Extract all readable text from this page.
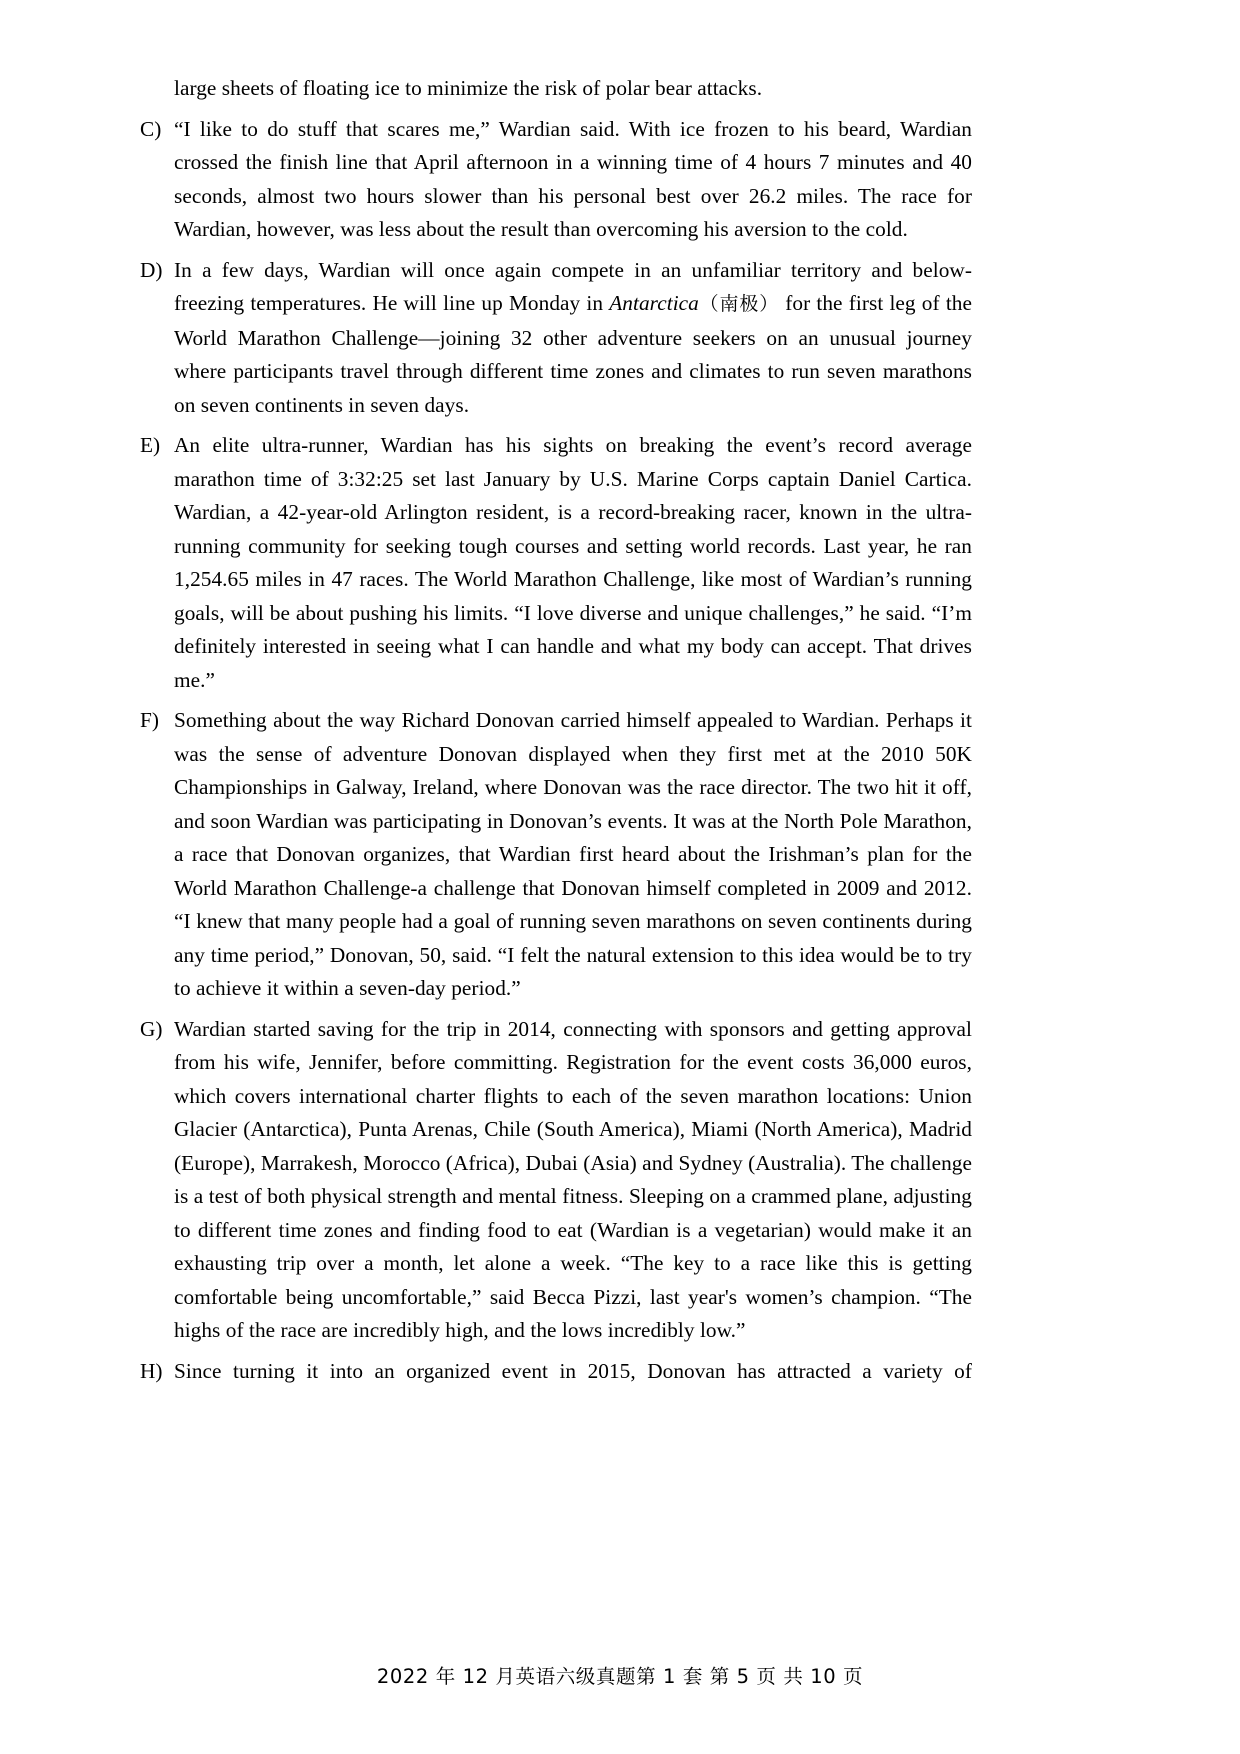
large sheets of floating ice to minimize the risk of polar bear attacks.

C) “I like to do stuff that scares me,” Wardian said. With ice frozen to his beard, Wardian crossed the finish line that April afternoon in a winning time of 4 hours 7 minutes and 40 seconds, almost two hours slower than his personal best over 26.2 miles. The race for Wardian, however, was less about the result than overcoming his aversion to the cold.
D) In a few days, Wardian will once again compete in an unfamiliar territory and below-freezing temperatures. He will line up Monday in Antarctica（南极） for the first leg of the World Marathon Challenge—joining 32 other adventure seekers on an unusual journey where participants travel through different time zones and climates to run seven marathons on seven continents in seven days.
E) An elite ultra-runner, Wardian has his sights on breaking the event’s record average marathon time of 3:32:25 set last January by U.S. Marine Corps captain Daniel Cartica. Wardian, a 42-year-old Arlington resident, is a record-breaking racer, known in the ultra-running community for seeking tough courses and setting world records. Last year, he ran 1,254.65 miles in 47 races. The World Marathon Challenge, like most of Wardian’s running goals, will be about pushing his limits. “I love diverse and unique challenges,” he said. “I’m definitely interested in seeing what I can handle and what my body can accept. That drives me.”
F) Something about the way Richard Donovan carried himself appealed to Wardian. Perhaps it was the sense of adventure Donovan displayed when they first met at the 2010 50K Championships in Galway, Ireland, where Donovan was the race director. The two hit it off, and soon Wardian was participating in Donovan’s events. It was at the North Pole Marathon, a race that Donovan organizes, that Wardian first heard about the Irishman’s plan for the World Marathon Challenge-a challenge that Donovan himself completed in 2009 and 2012. “I knew that many people had a goal of running seven marathons on seven continents during any time period,” Donovan, 50, said. “I felt the natural extension to this idea would be to try to achieve it within a seven-day period.”
G) Wardian started saving for the trip in 2014, connecting with sponsors and getting approval from his wife, Jennifer, before committing. Registration for the event costs 36,000 euros, which covers international charter flights to each of the seven marathon locations: Union Glacier (Antarctica), Punta Arenas, Chile (South America), Miami (North America), Madrid (Europe), Marrakesh, Morocco (Africa), Dubai (Asia) and Sydney (Australia). The challenge is a test of both physical strength and mental fitness. Sleeping on a crammed plane, adjusting to different time zones and finding food to eat (Wardian is a vegetarian) would make it an exhausting trip over a month, let alone a week. “The key to a race like this is getting comfortable being uncomfortable,” said Becca Pizzi, last year's women’s champion. “The highs of the race are incredibly high, and the lows incredibly low.”
H) Since turning it into an organized event in 2015, Donovan has attracted a variety of
2022 年 12 月英语六级真题第 1 套 第 5 页 共 10 页
